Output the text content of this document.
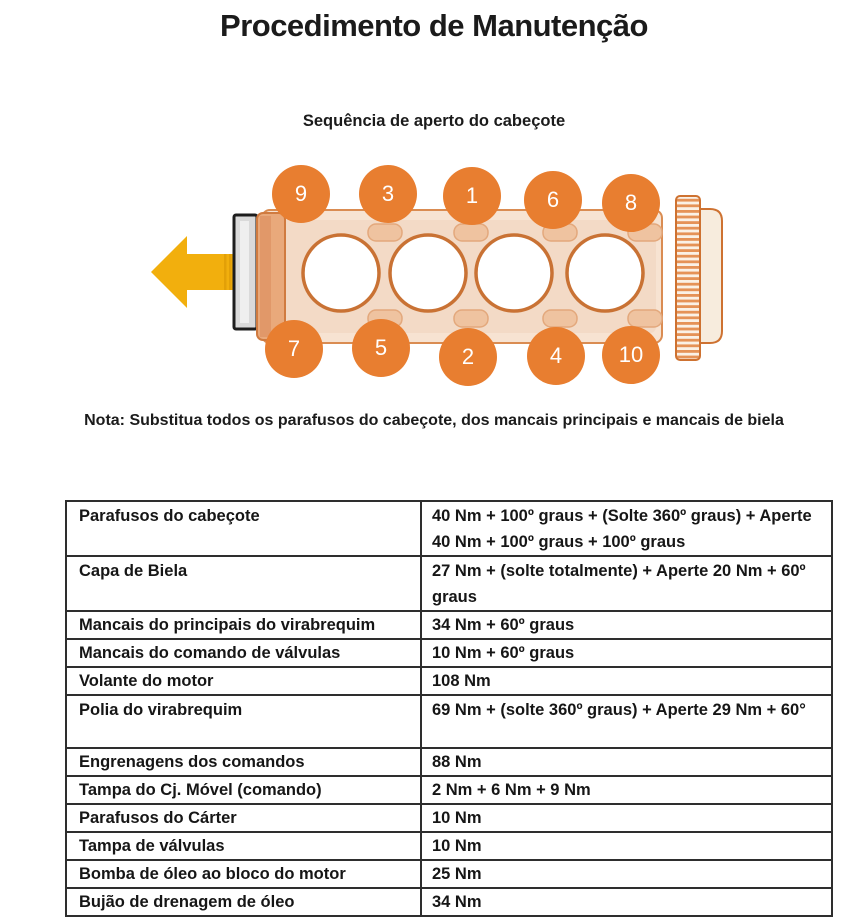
Procedimento de Manutenção
Sequência de aperto do cabeçote
9	3	1	6	8
7	5	2	4	10
Nota: Substitua todos os parafusos do cabeçote, dos mancais principais e mancais de biela
Parafusos do cabeçote	40 Nm + 100º graus + (Solte 360º graus) + Aperte 40 Nm + 100º graus + 100º graus
Capa de Biela	27 Nm + (solte totalmente) + Aperte 20 Nm + 60º graus
Mancais do principais do virabrequim	34 Nm + 60º graus
Mancais do comando de válvulas	10 Nm + 60º graus
Volante do motor	108 Nm
Polia do virabrequim	69 Nm + (solte 360º graus) + Aperte 29 Nm + 60°
Engrenagens dos comandos	88 Nm
Tampa do Cj. Móvel (comando)	2 Nm + 6 Nm + 9 Nm
Parafusos do Cárter	10 Nm
Tampa de válvulas	10 Nm
Bomba de óleo ao bloco do motor	25 Nm
Bujão de drenagem de óleo	34 Nm
